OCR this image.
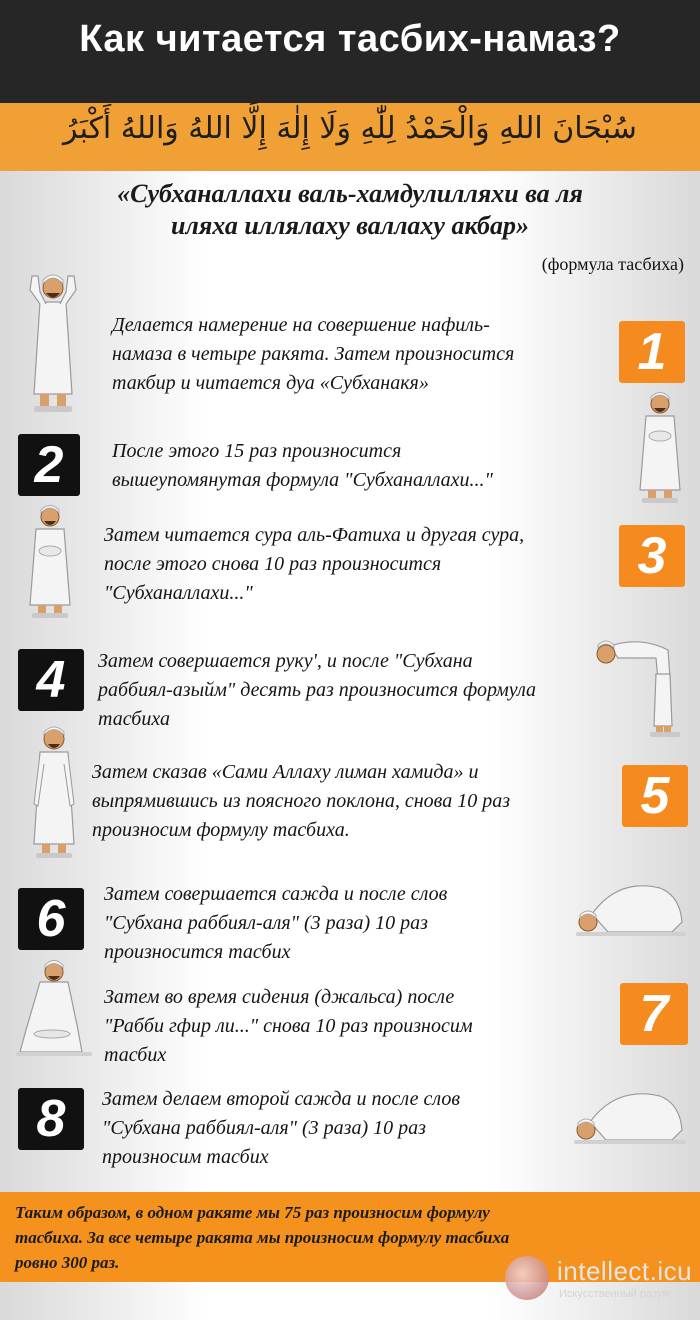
Как читается тасбих-намаз?
سُبْحَانَ اللهِ وَالْحَمْدُ لِلّٰهِ وَلَا إِلٰهَ إِلَّا اللهُ وَاللهُ أَكْبَرُ
«Субханаллахи валь-хамдулилляхи ва ля
иляха иллялаху валлаху акбар»
(формула тасбиха)
Делается намерение на совершение нафиль-
намаза в четыре ракята. Затем произносится
такбир и читается дуа «Субханакя»
1
2	После этого 15 раз произносится
вышеупомянутая формула "Субханаллахи..."
Затем читается сура аль-Фатиха и другая сура,
после этого снова 10 раз произносится
"Субханаллахи..."
3
4	Затем совершается руку', и после "Субхана
раббиял-азыйм" десять раз произносится формула
тасбиха
Затем сказав «Сами Аллаху лиман хамида» и
выпрямившись из поясного поклона, снова 10 раз
произносим формулу тасбиха.
5
6	Затем совершается сажда и после слов
"Субхана раббиял-аля" (3 раза) 10 раз
произносится тасбих
Затем во время сидения (джальса) после
"Рабби гфир ли..." снова 10 раз произносим
тасбих
7
8	Затем делаем второй сажда и после слов
"Субхана раббиял-аля" (3 раза) 10 раз
произносим тасбих
Таким образом, в одном ракяте мы 75 раз произносим формулу
тасбиха. За все четыре ракята мы произносим формулу тасбиха
ровно 300 раз.	intellect.icu
Искусственный разум
